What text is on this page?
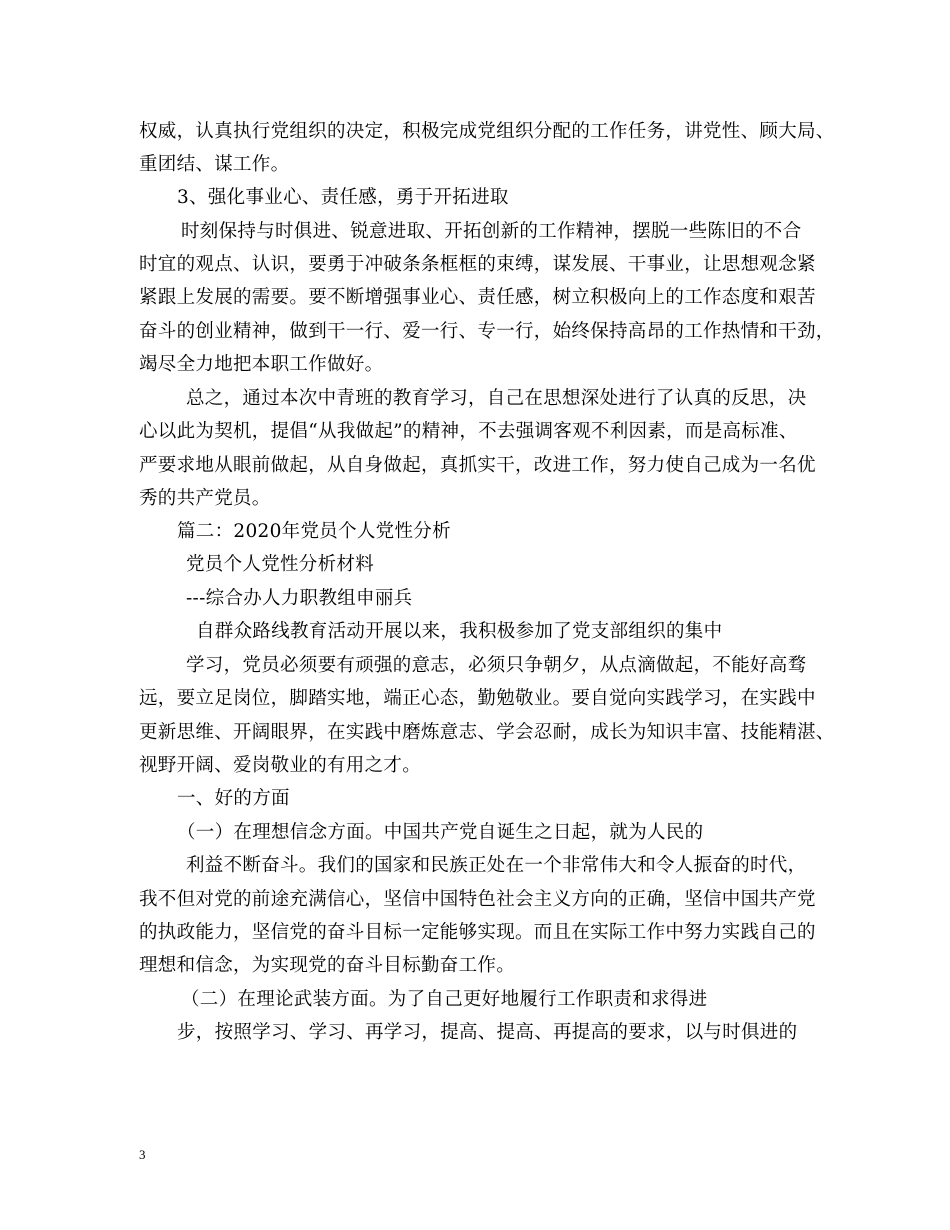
权威，认真执行党组织的决定，积极完成党组织分配的工作任务，讲党性、顾大局、
重团结、谋工作。
3、强化事业心、责任感，勇于开拓进取
时刻保持与时俱进、锐意进取、开拓创新的工作精神，摆脱一些陈旧的不合
时宜的观点、认识，要勇于冲破条条框框的束缚，谋发展、干事业，让思想观念紧
紧跟上发展的需要。要不断增强事业心、责任感，树立积极向上的工作态度和艰苦
奋斗的创业精神，做到干一行、爱一行、专一行，始终保持高昂的工作热情和干劲，
竭尽全力地把本职工作做好。
总之，通过本次中青班的教育学习，自己在思想深处进行了认真的反思，决
心以此为契机，提倡“从我做起”的精神，不去强调客观不利因素，而是高标准、
严要求地从眼前做起，从自身做起，真抓实干，改进工作，努力使自己成为一名优
秀的共产党员。
篇二：2020年党员个人党性分析
党员个人党性分析材料
---综合办人力职教组申丽兵
自群众路线教育活动开展以来，我积极参加了党支部组织的集中
学习，党员必须要有顽强的意志，必须只争朝夕，从点滴做起，不能好高骛
远，要立足岗位，脚踏实地，端正心态，勤勉敬业。要自觉向实践学习，在实践中
更新思维、开阔眼界，在实践中磨炼意志、学会忍耐，成长为知识丰富、技能精湛、
视野开阔、爱岗敬业的有用之才。
一、好的方面
（一）在理想信念方面。中国共产党自诞生之日起，就为人民的
利益不断奋斗。我们的国家和民族正处在一个非常伟大和令人振奋的时代，
我不但对党的前途充满信心，坚信中国特色社会主义方向的正确，坚信中国共产党
的执政能力，坚信党的奋斗目标一定能够实现。而且在实际工作中努力实践自己的
理想和信念，为实现党的奋斗目标勤奋工作。
（二）在理论武装方面。为了自己更好地履行工作职责和求得进
步，按照学习、学习、再学习，提高、提高、再提高的要求，以与时俱进的
3
